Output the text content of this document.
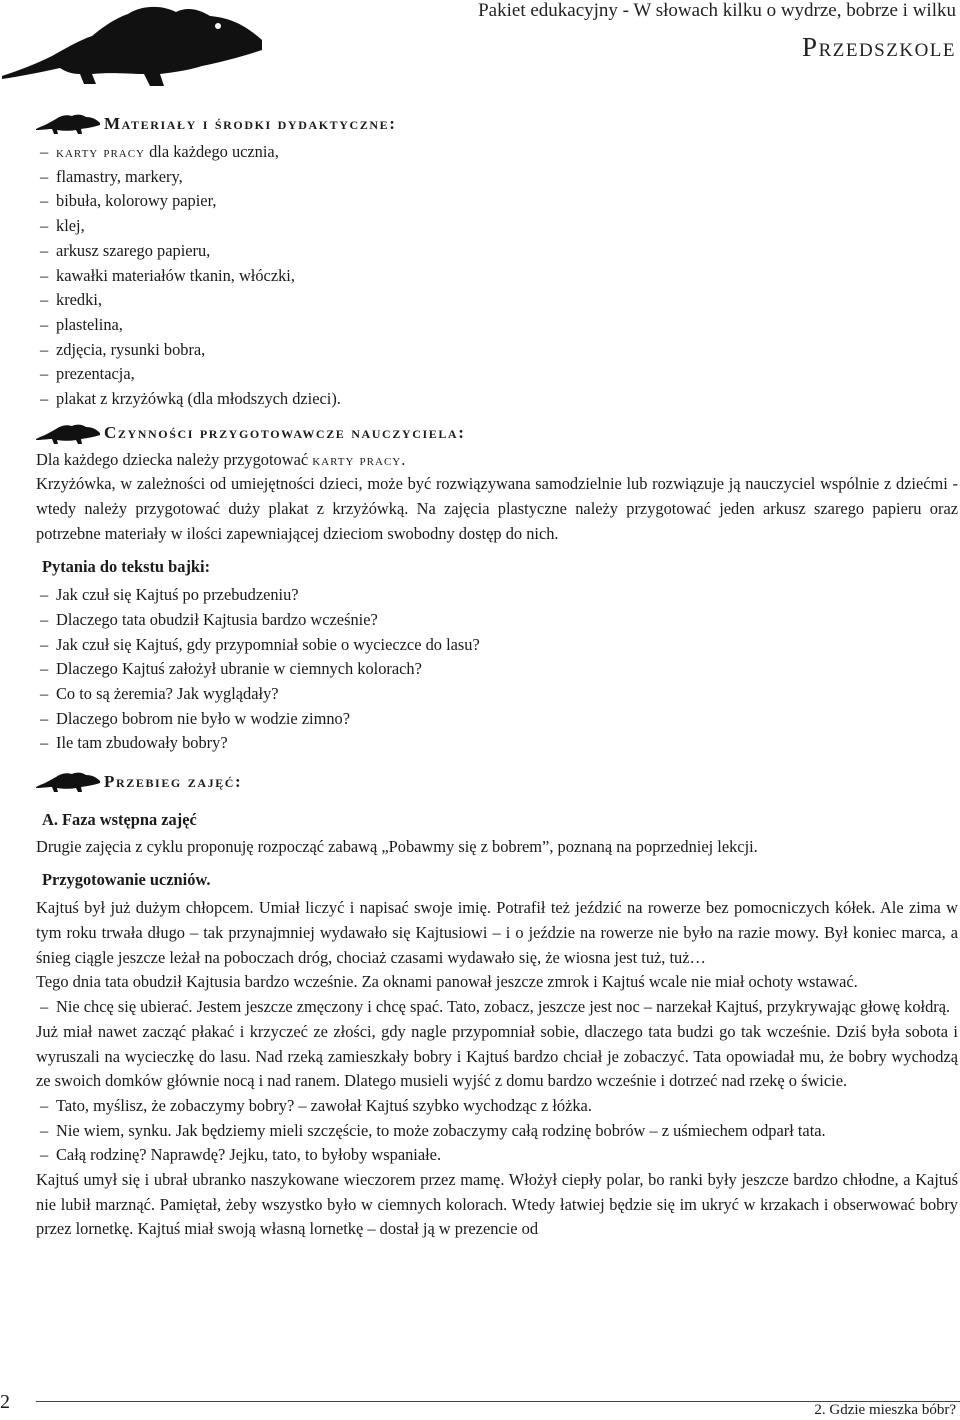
Pakiet edukacyjny - W słowach kilku o wydrze, bobrze i wilku
Przedszkole
Materiały i środki dydaktyczne:
– karty pracy dla każdego ucznia,
– flamastry, markery,
– bibuła, kolorowy papier,
– klej,
– arkusz szarego papieru,
– kawałki materiałów tkanin, włóczki,
– kredki,
– plastelina,
– zdjęcia, rysunki bobra,
– prezentacja,
– plakat z krzyżówką (dla młodszych dzieci).
Czynności przygotowawcze nauczyciela:

Dla każdego dziecka należy przygotować karty pracy.

Krzyżówka, w zależności od umiejętności dzieci, może być rozwiązywana samodzielnie lub rozwiązuje ją nauczyciel wspólnie z dziećmi - wtedy należy przygotować duży plakat z krzyżówką. Na zajęcia plastyczne należy przygotować jeden arkusz szarego papieru oraz potrzebne materiały w ilości zapewniającej dzieciom swobodny dostęp do nich.

Pytania do tekstu bajki:
– Jak czuł się Kajtuś po przebudzeniu?
– Dlaczego tata obudził Kajtusia bardzo wcześnie?
– Jak czuł się Kajtuś, gdy przypomniał sobie o wycieczce do lasu?
– Dlaczego Kajtuś założył ubranie w ciemnych kolorach?
– Co to są żeremia? Jak wyglądały?
– Dlaczego bobrom nie było w wodzie zimno?
– Ile tam zbudowały bobry?
Przebieg zajęć:
A. Faza wstępna zajęć

Drugie zajęcia z cyklu proponuję rozpocząć zabawą „Pobawmy się z bobrem”, poznaną na poprzedniej lekcji.

Przygotowanie uczniów.

Kajtuś był już dużym chłopcem. Umiał liczyć i napisać swoje imię. Potrafił też jeździć na rowerze bez pomocniczych kółek. Ale zima w tym roku trwała długo – tak przynajmniej wydawało się Kajtusiowi – i o jeździe na rowerze nie było na razie mowy. Był koniec marca, a śnieg ciągle jeszcze leżał na poboczach dróg, chociaż czasami wydawało się, że wiosna jest tuż, tuż…

Tego dnia tata obudził Kajtusia bardzo wcześnie. Za oknami panował jeszcze zmrok i Kajtuś wcale nie miał ochoty wstawać.

– Nie chcę się ubierać. Jestem jeszcze zmęczony i chcę spać. Tato, zobacz, jeszcze jest noc – narzekał Kajtuś, przykrywając głowę kołdrą.

Już miał nawet zacząć płakać i krzyczeć ze złości, gdy nagle przypomniał sobie, dlaczego tata budzi go tak wcześnie. Dziś była sobota i wyruszali na wycieczkę do lasu. Nad rzeką zamieszkały bobry i Kajtuś bardzo chciał je zobaczyć. Tata opowiadał mu, że bobry wychodzą ze swoich domków głównie nocą i nad ranem. Dlatego musieli wyjść z domu bardzo wcześnie i dotrzeć nad rzekę o świcie.

– Tato, myślisz, że zobaczymy bobry? – zawołał Kajtuś szybko wychodząc z łóżka.
– Nie wiem, synku. Jak będziemy mieli szczęście, to może zobaczymy całą rodzinę bobrów – z uśmiechem odparł tata.
– Całą rodzinę? Naprawdę? Jejku, tato, to byłoby wspaniałe.

Kajtuś umył się i ubrał ubranko naszykowane wieczorem przez mamę. Włożył ciepły polar, bo ranki były jeszcze bardzo chłodne, a Kajtuś nie lubił marznąć. Pamiętał, żeby wszystko było w ciemnych kolorach. Wtedy łatwiej będzie się im ukryć w krzakach i obserwować bobry przez lornetkę. Kajtuś miał swoją własną lornetkę – dostał ją w prezencie od

2	2. Gdzie mieszka bóbr?
